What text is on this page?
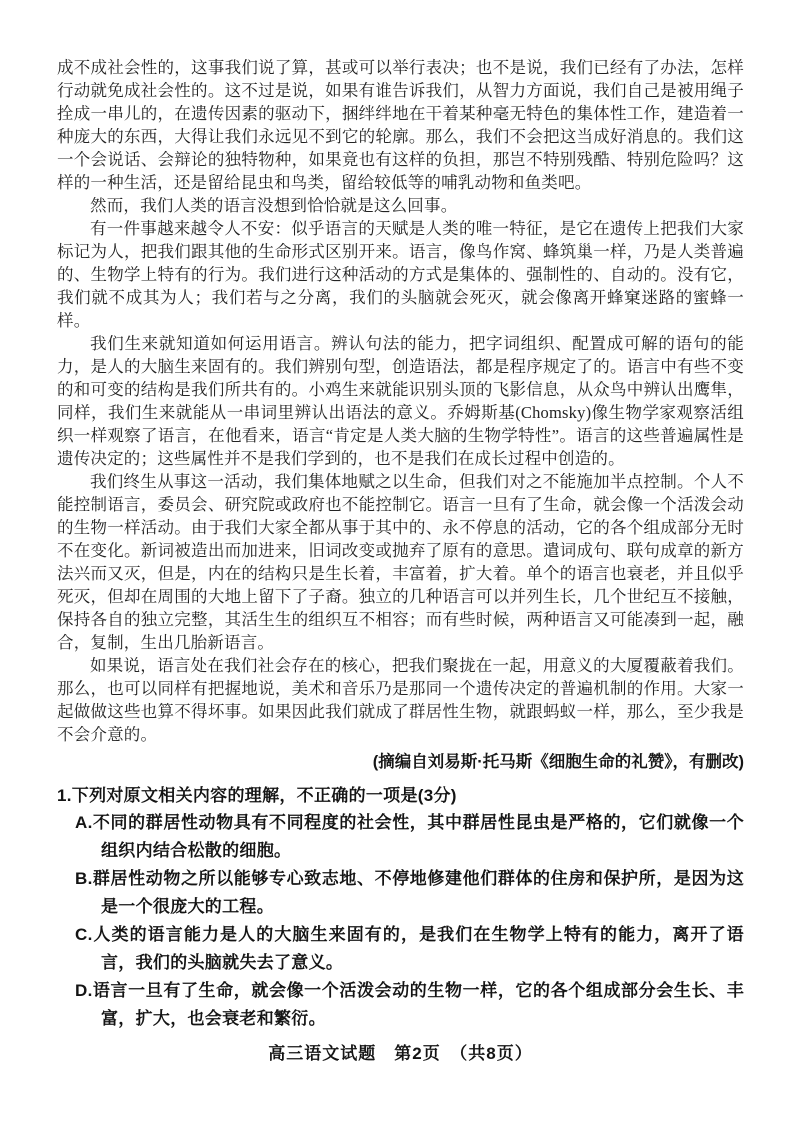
成不成社会性的，这事我们说了算，甚或可以举行表决；也不是说，我们已经有了办法，怎样行动就免成社会性的。这不过是说，如果有谁告诉我们，从智力方面说，我们自己是被用绳子拴成一串儿的，在遗传因素的驱动下，捆绊绊地在干着某种毫无特色的集体性工作，建造着一种庞大的东西，大得让我们永远见不到它的轮廓。那么，我们不会把这当成好消息的。我们这一个会说话、会辩论的独特物种，如果竟也有这样的负担，那岂不特别残酷、特别危险吗？这样的一种生活，还是留给昆虫和鸟类，留给较低等的哺乳动物和鱼类吧。

然而，我们人类的语言没想到恰恰就是这么回事。

有一件事越来越令人不安：似乎语言的天赋是人类的唯一特征，是它在遗传上把我们大家标记为人，把我们跟其他的生命形式区别开来。语言，像鸟作窝、蜂筑巢一样，乃是人类普遍的、生物学上特有的行为。我们进行这种活动的方式是集体的、强制性的、自动的。没有它，我们就不成其为人；我们若与之分离，我们的头脑就会死灭，就会像离开蜂窠迷路的蜜蜂一样。

我们生来就知道如何运用语言。辨认句法的能力，把字词组织、配置成可解的语句的能力，是人的大脑生来固有的。我们辨别句型，创造语法，都是程序规定了的。语言中有些不变的和可变的结构是我们所共有的。小鸡生来就能识别头顶的飞影信息，从众鸟中辨认出鹰隼，同样，我们生来就能从一串词里辨认出语法的意义。乔姆斯基(Chomsky)像生物学家观察活组织一样观察了语言，在他看来，语言“肯定是人类大脑的生物学特性”。语言的这些普遍属性是遗传决定的；这些属性并不是我们学到的，也不是我们在成长过程中创造的。

我们终生从事这一活动，我们集体地赋之以生命，但我们对之不能施加半点控制。个人不能控制语言，委员会、研究院或政府也不能控制它。语言一旦有了生命，就会像一个活泼会动的生物一样活动。由于我们大家全都从事于其中的、永不停息的活动，它的各个组成部分无时不在变化。新词被造出而加进来，旧词改变或抛弃了原有的意思。遣词成句、联句成章的新方法兴而又灭，但是，内在的结构只是生长着，丰富着，扩大着。单个的语言也衰老，并且似乎死灭，但却在周围的大地上留下了子裔。独立的几种语言可以并列生长，几个世纪互不接触，保持各自的独立完整，其活生生的组织互不相容；而有些时候，两种语言又可能凑到一起，融合，复制，生出几胎新语言。

如果说，语言处在我们社会存在的核心，把我们聚拢在一起，用意义的大厦覆蔽着我们。那么，也可以同样有把握地说，美术和音乐乃是那同一个遗传决定的普遍机制的作用。大家一起做做这些也算不得坏事。如果因此我们就成了群居性生物，就跟蚂蚁一样，那么，至少我是不会介意的。

(摘编自刘易斯·托马斯《细胞生命的礼赞》，有删改)

1.下列对原文相关内容的理解，不正确的一项是(3分)

A.不同的群居性动物具有不同程度的社会性，其中群居性昆虫是严格的，它们就像一个组织内结合松散的细胞。

B.群居性动物之所以能够专心致志地、不停地修建他们群体的住房和保护所，是因为这是一个很庞大的工程。

C.人类的语言能力是人的大脑生来固有的，是我们在生物学上特有的能力，离开了语言，我们的头脑就失去了意义。

D.语言一旦有了生命，就会像一个活泼会动的生物一样，它的各个组成部分会生长、丰富，扩大，也会衰老和繁衍。

高三语文试题　第2页　（共8页）
